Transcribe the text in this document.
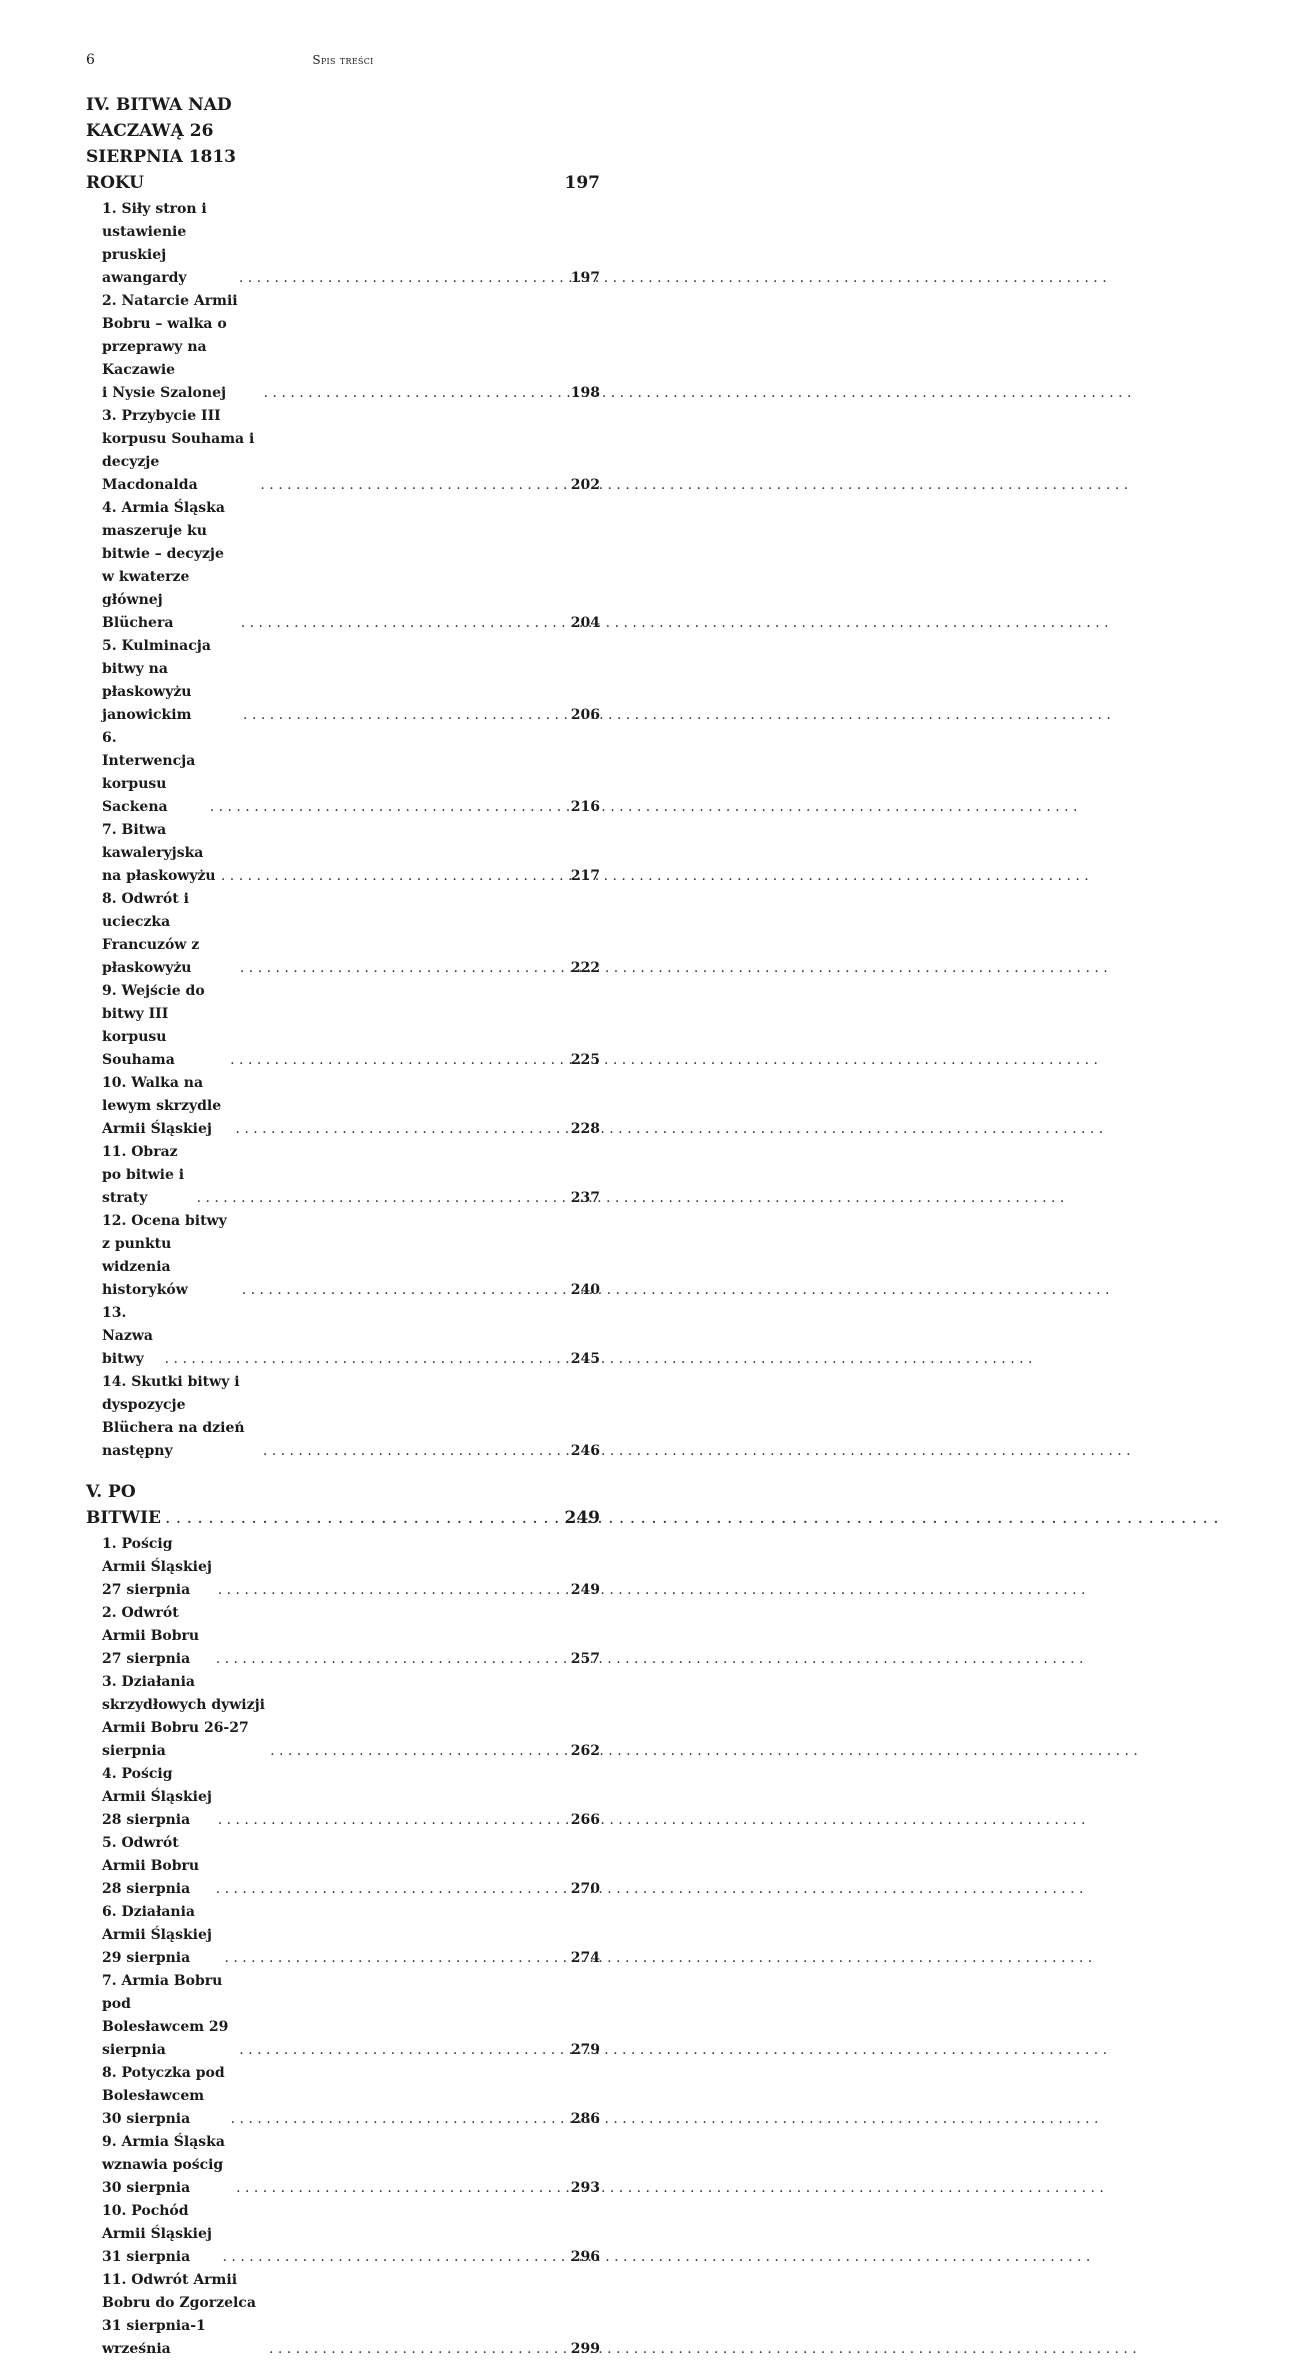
6	Spis treści
IV. BITWA NAD KACZAWĄ 26 SIERPNIA 1813 ROKU	197
1. Siły stron i ustawienie pruskiej awangardy . . .	197
2. Natarcie Armii Bobru – walka o przeprawy na Kaczawie
i Nysie Szalonej . . .	198
3. Przybycie III korpusu Souhama i decyzje Macdonalda . . .	202
4. Armia Śląska maszeruje ku bitwie – decyzje
w kwaterze głównej Blüchera . . .	204
5. Kulminacja bitwy na płaskowyżu janowickim . . .	206
6. Interwencja korpusu Sackena . . .	216
7. Bitwa kawaleryjska na płaskowyżu . . .	217
8. Odwrót i ucieczka Francuzów z płaskowyżu . . .	222
9. Wejście do bitwy III korpusu Souhama . . .	225
10. Walka na lewym skrzydle Armii Śląskiej . . .	228
11. Obraz po bitwie i straty . . .	237
12. Ocena bitwy z punktu widzenia historyków . . .	240
13. Nazwa bitwy . . .	245
14. Skutki bitwy i dyspozycje Blüchera na dzień następny . . .	246
V. PO BITWIE . . .	249
1. Pościg Armii Śląskiej 27 sierpnia . . .	249
2. Odwrót Armii Bobru 27 sierpnia . . .	257
3. Działania skrzydłowych dywizji Armii Bobru 26-27 sierpnia . . .	262
4. Pościg Armii Śląskiej 28 sierpnia . . .	266
5. Odwrót Armii Bobru 28 sierpnia . . .	270
6. Działania Armii Śląskiej 29 sierpnia . . .	274
7. Armia Bobru pod Bolesławcem 29 sierpnia . . .	279
8. Potyczka pod Bolesławcem 30 sierpnia . . .	286
9. Armia Śląska wznawia pościg 30 sierpnia . . .	293
10. Pochód Armii Śląskiej 31 sierpnia . . .	296
11. Odwrót Armii Bobru do Zgorzelca 31 sierpnia-1 września . . .	299
